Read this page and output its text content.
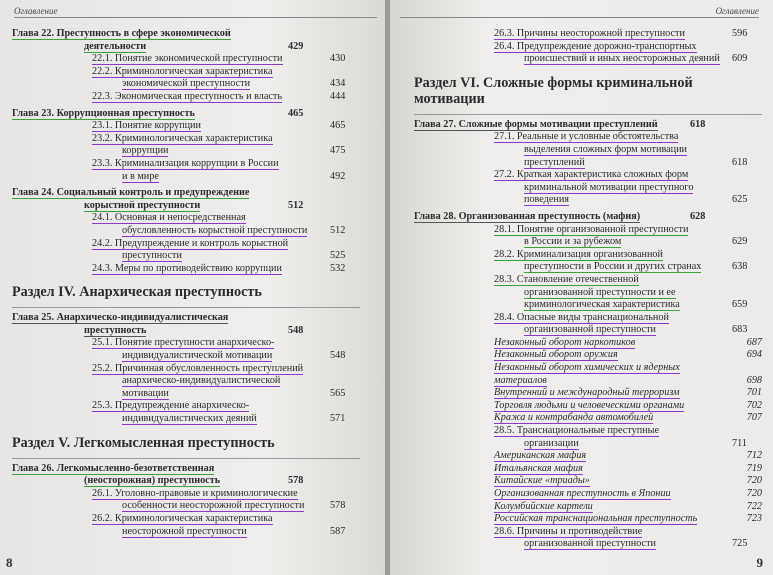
Оглавление
Глава 22. Преступность в сфере экономической
деятельности	429
22.1. Понятие экономической преступности	430
22.2. Криминологическая характеристика
экономической преступности	434
22.3. Экономическая преступность и власть	444
Глава 23. Коррупционная преступность	465
23.1. Понятие коррупции	465
23.2. Криминологическая характеристика
коррупции	475
23.3. Криминализация коррупции в России
и в мире	492
Глава 24. Социальный контроль и предупреждение
корыстной преступности	512
24.1. Основная и непосредственная
обусловленность корыстной преступности 512
24.2. Предупреждение и контроль корыстной
преступности	525
24.3. Меры по противодействию коррупции	532
Раздел IV. Анархическая преступность
Глава 25. Анархическо-индивидуалистическая
преступность	548
25.1. Понятие преступности анархическо-
индивидуалистической мотивации	548
25.2. Причинная обусловленность преступлений
анархическо-индивидуалистической
мотивации	565
25.3. Предупреждение анархическо-
индивидуалистических деяний	571
Раздел V. Легкомысленная преступность
Глава 26. Легкомысленно-безответственная
(неосторожная) преступность	578
26.1. Уголовно-правовые и криминологические
особенности неосторожной преступности	578
26.2. Криминологическая характеристика
неосторожной преступности	587
8
Оглавление
26.3. Причины неосторожной преступности	596
26.4. Предупреждение дорожно-транспортных
происшествий и иных неосторожных деяний 609
Раздел VI. Сложные формы криминальной
мотивации
Глава 27. Сложные формы мотивации преступлений	618
27.1. Реальные и условные обстоятельства
выделения сложных форм мотивации
преступлений	618
27.2. Краткая характеристика сложных форм
криминальной мотивации преступного
поведения	625
Глава 28. Организованная преступность (мафия)	628
28.1. Понятие организованной преступности
в России и за рубежом	629
28.2. Криминализация организованной
преступности в России и других странах	638
28.3. Становление отечественной
организованной преступности и ее
криминологическая характеристика	659
28.4. Опасные виды транснациональной
организованной преступности	683
Незаконный оборот наркотиков	687
Незаконный оборот оружия	694
Незаконный оборот химических и ядерных
материалов	698
Внутренний и международный терроризм	701
Торговля людьми и человеческими органами	702
Кража и контрабанда автомобилей	707
28.5. Транснациональные преступные
организации	711
Американская мафия	712
Итальянская мафия	719
Китайские «триады»	720
Организованная преступность в Японии	720
Колумбийские картели	722
Российская транснациональная преступность	723
28.6. Причины и противодействие
организованной преступности	725
9
